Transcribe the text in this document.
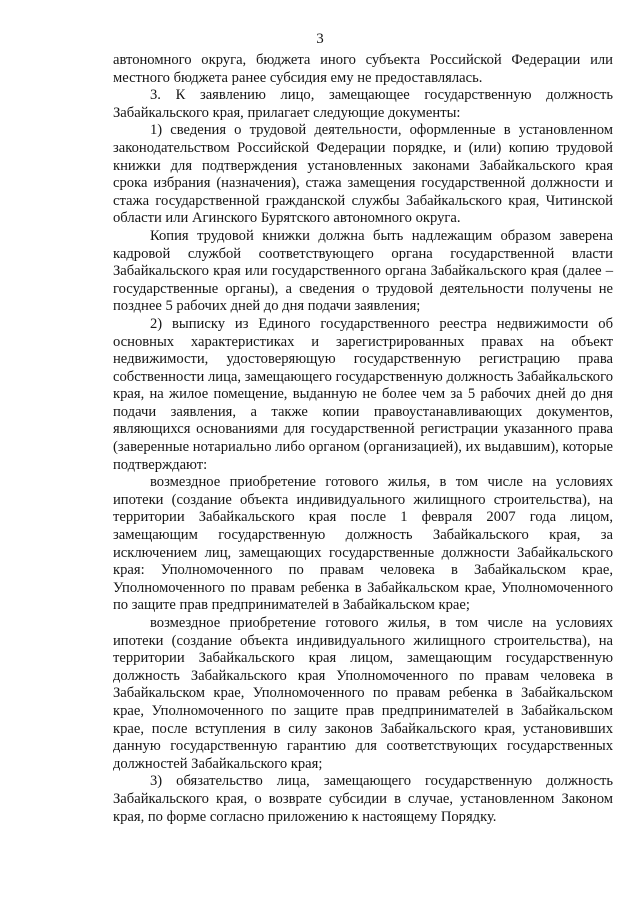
3

автономного округа, бюджета иного субъекта Российской Федерации или местного бюджета ранее субсидия ему не предоставлялась.

3. К заявлению лицо, замещающее государственную должность Забайкальского края, прилагает следующие документы:

1) сведения о трудовой деятельности, оформленные в установленном законодательством Российской Федерации порядке, и (или) копию трудовой книжки для подтверждения установленных законами Забайкальского края срока избрания (назначения), стажа замещения государственной должности и стажа государственной гражданской службы Забайкальского края, Читинской области или Агинского Бурятского автономного округа.

Копия трудовой книжки должна быть надлежащим образом заверена кадровой службой соответствующего органа государственной власти Забайкальского края или государственного органа Забайкальского края (далее – государственные органы), а сведения о трудовой деятельности получены не позднее 5 рабочих дней до дня подачи заявления;

2) выписку из Единого государственного реестра недвижимости об основных характеристиках и зарегистрированных правах на объект недвижимости, удостоверяющую государственную регистрацию права собственности лица, замещающего государственную должность Забайкальского края, на жилое помещение, выданную не более чем за 5 рабочих дней до дня подачи заявления, а также копии правоустанавливающих документов, являющихся основаниями для государственной регистрации указанного права (заверенные нотариально либо органом (организацией), их выдавшим), которые подтверждают:

возмездное приобретение готового жилья, в том числе на условиях ипотеки (создание объекта индивидуального жилищного строительства), на территории Забайкальского края после 1 февраля 2007 года лицом, замещающим государственную должность Забайкальского края, за исключением лиц, замещающих государственные должности Забайкальского края: Уполномоченного по правам человека в Забайкальском крае, Уполномоченного по правам ребенка в Забайкальском крае, Уполномоченного по защите прав предпринимателей в Забайкальском крае;

возмездное приобретение готового жилья, в том числе на условиях ипотеки (создание объекта индивидуального жилищного строительства), на территории Забайкальского края лицом, замещающим государственную должность Забайкальского края Уполномоченного по правам человека в Забайкальском крае, Уполномоченного по правам ребенка в Забайкальском крае, Уполномоченного по защите прав предпринимателей в Забайкальском крае, после вступления в силу законов Забайкальского края, установивших данную государственную гарантию для соответствующих государственных должностей Забайкальского края;

3) обязательство лица, замещающего государственную должность Забайкальского края, о возврате субсидии в случае, установленном Законом края, по форме согласно приложению к настоящему Порядку.
